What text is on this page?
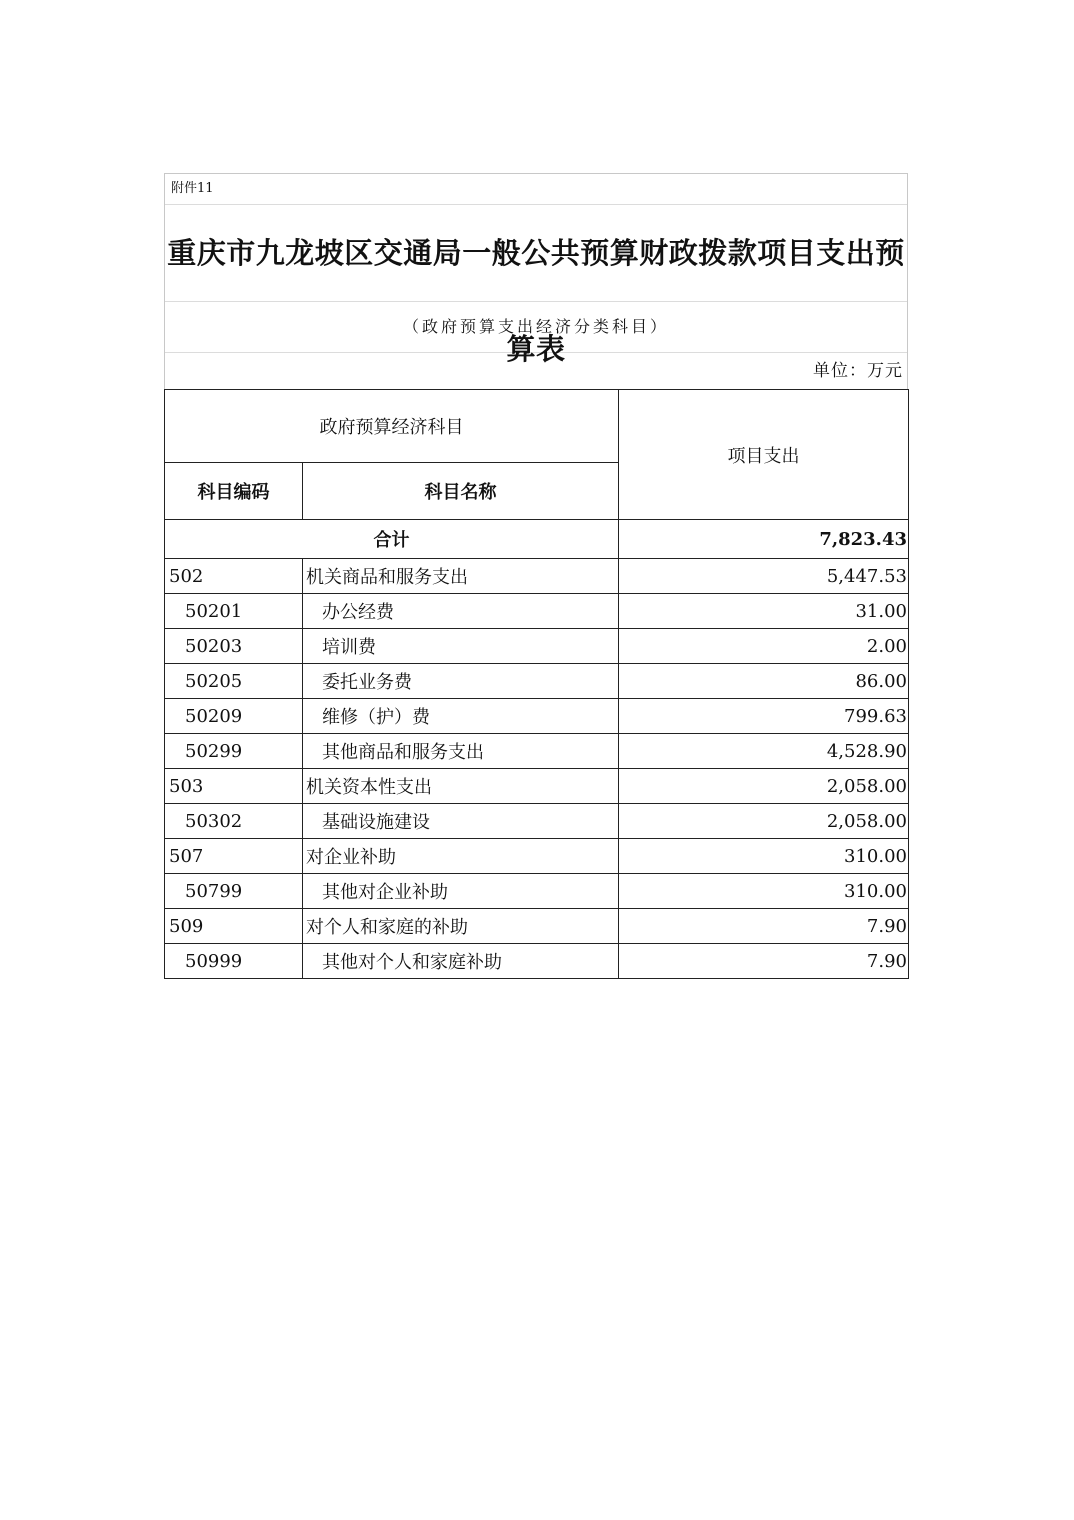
附件11
重庆市九龙坡区交通局一般公共预算财政拨款项目支出预算表
（政府预算支出经济分类科目）
单位：万元
政府预算经济科目		项目支出
科目编码	科目名称	
合计		7,823.43
502	机关商品和服务支出	5,447.53
50201	办公经费	31.00
50203	培训费	2.00
50205	委托业务费	86.00
50209	维修（护）费	799.63
50299	其他商品和服务支出	4,528.90
503	机关资本性支出	2,058.00
50302	基础设施建设	2,058.00
507	对企业补助	310.00
50799	其他对企业补助	310.00
509	对个人和家庭的补助	7.90
50999	其他对个人和家庭补助	7.90
